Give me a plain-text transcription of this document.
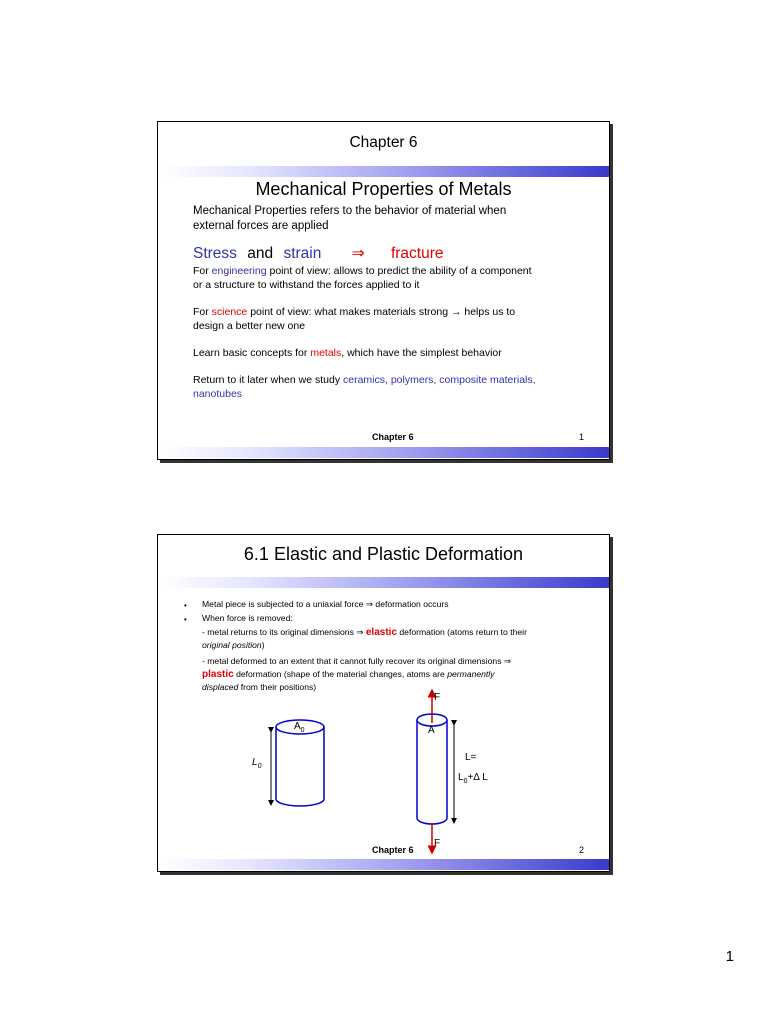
Chapter 6
Mechanical Properties of Metals
Mechanical Properties refers to the behavior of material when
external forces are applied
Stress and strain ⇒ fracture
For engineering point of view: allows to predict the ability of a component
or a structure to withstand the forces applied to it
For science point of view: what makes materials strong → helps us to
design a better new one
Learn basic concepts for metals, which have the simplest behavior
Return to it later when we study ceramics, polymers, composite materials,
nanotubes
Chapter 6	1
6.1 Elastic and Plastic Deformation
• Metal piece is subjected to a uniaxial force ⇒ deformation occurs
• When force is removed:
- metal returns to its original dimensions ⇒ elastic deformation (atoms return to their
original position)
- metal deformed to an extent that it cannot fully recover its original dimensions ⇒
plastic deformation (shape of the material changes, atoms are permanently
displaced from their positions)
$A_0$
$L_0$
F
A
L=
$L_0+\Delta$ L
F
Chapter 6	2
1
